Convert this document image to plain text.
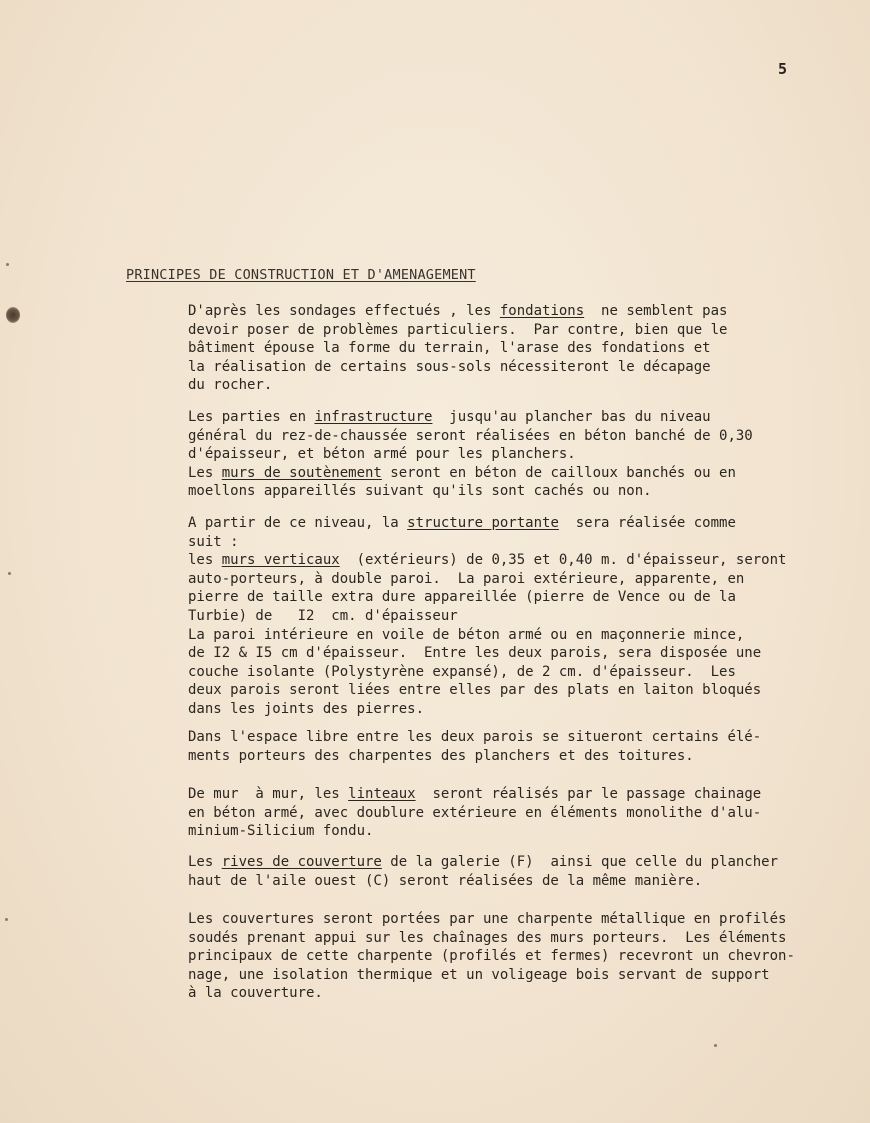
5
PRINCIPES DE CONSTRUCTION ET D'AMENAGEMENT
D'après les sondages effectués , les fondations  ne semblent pas
devoir poser de problèmes particuliers.  Par contre, bien que le
bâtiment épouse la forme du terrain, l'arase des fondations et
la réalisation de certains sous-sols nécessiteront le décapage
du rocher.
Les parties en infrastructure  jusqu'au plancher bas du niveau
général du rez-de-chaussée seront réalisées en béton banché de 0,30
d'épaisseur, et béton armé pour les planchers.
Les murs de soutènement seront en béton de cailloux banchés ou en
moellons appareillés suivant qu'ils sont cachés ou non.
A partir de ce niveau, la structure portante  sera réalisée comme
suit :
les murs verticaux  (extérieurs) de 0,35 et 0,40 m. d'épaisseur, seront
auto-porteurs, à double paroi.  La paroi extérieure, apparente, en
pierre de taille extra dure appareillée (pierre de Vence ou de la
Turbie) de   I2  cm. d'épaisseur
La paroi intérieure en voile de béton armé ou en maçonnerie mince,
de I2 & I5 cm d'épaisseur.  Entre les deux parois, sera disposée une
couche isolante (Polystyrène expansé), de 2 cm. d'épaisseur.  Les
deux parois seront liées entre elles par des plats en laiton bloqués
dans les joints des pierres.
Dans l'espace libre entre les deux parois se situeront certains élé-
ments porteurs des charpentes des planchers et des toitures.
De mur  à mur, les linteaux  seront réalisés par le passage chainage
en béton armé, avec doublure extérieure en éléments monolithe d'alu-
minium-Silicium fondu.
Les rives de couverture de la galerie (F)  ainsi que celle du plancher
haut de l'aile ouest (C) seront réalisées de la même manière.
Les couvertures seront portées par une charpente métallique en profilés
soudés prenant appui sur les chaînages des murs porteurs.  Les éléments
principaux de cette charpente (profilés et fermes) recevront un chevron-
nage, une isolation thermique et un voligeage bois servant de support
à la couverture.
